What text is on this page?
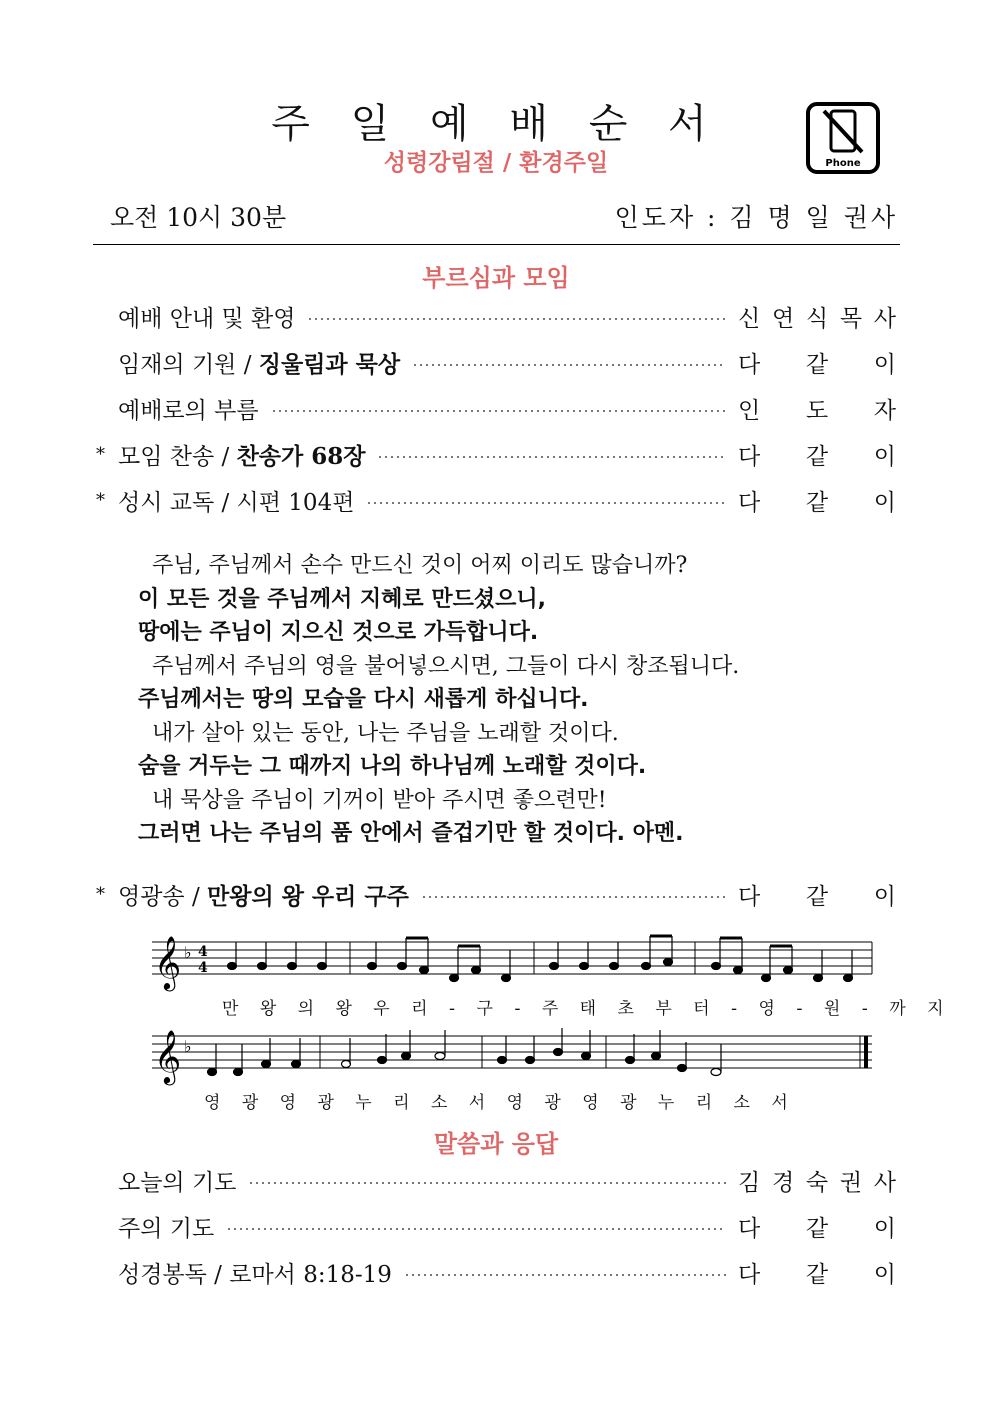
주 일 예 배 순 서
성령강림절 / 환경주일	Phone
오전 10시 30분	인도자 : 김 명 일 권사
부르심과 모임
예배 안내 및 환영	신 연 식 목 사
임재의 기원 / 징울림과 묵상	다 같 이
예배로의 부름	인 도 자
* 모임 찬송 / 찬송가 68장	다 같 이
* 성시 교독 / 시편 104편	다 같 이
주님, 주님께서 손수 만드신 것이 어찌 이리도 많습니까?
이 모든 것을 주님께서 지혜로 만드셨으니,
땅에는 주님이 지으신 것으로 가득합니다.
주님께서 주님의 영을 불어넣으시면, 그들이 다시 창조됩니다.
주님께서는 땅의 모습을 다시 새롭게 하십니다.
내가 살아 있는 동안, 나는 주님을 노래할 것이다.
숨을 거두는 그 때까지 나의 하나님께 노래할 것이다.
내 묵상을 주님이 기꺼이 받아 주시면 좋으련만!
그러면 나는 주님의 품 안에서 즐겁기만 할 것이다. 아멘.
* 영광송 / 만왕의 왕 우리 구주	다 같 이
𝄞 ♭ 4
4
만 왕 의 왕 우 리 - 구 - 주 태 초 부 터 - 영 - 원 - 까 지
𝄞 ♭
영 광 영 광 누 리 소 서 영 광 영 광 누 리 소 서
말씀과 응답
오늘의 기도	김 경 숙 권 사
주의 기도	다 같 이
성경봉독 / 로마서 8:18-19	다 같 이
